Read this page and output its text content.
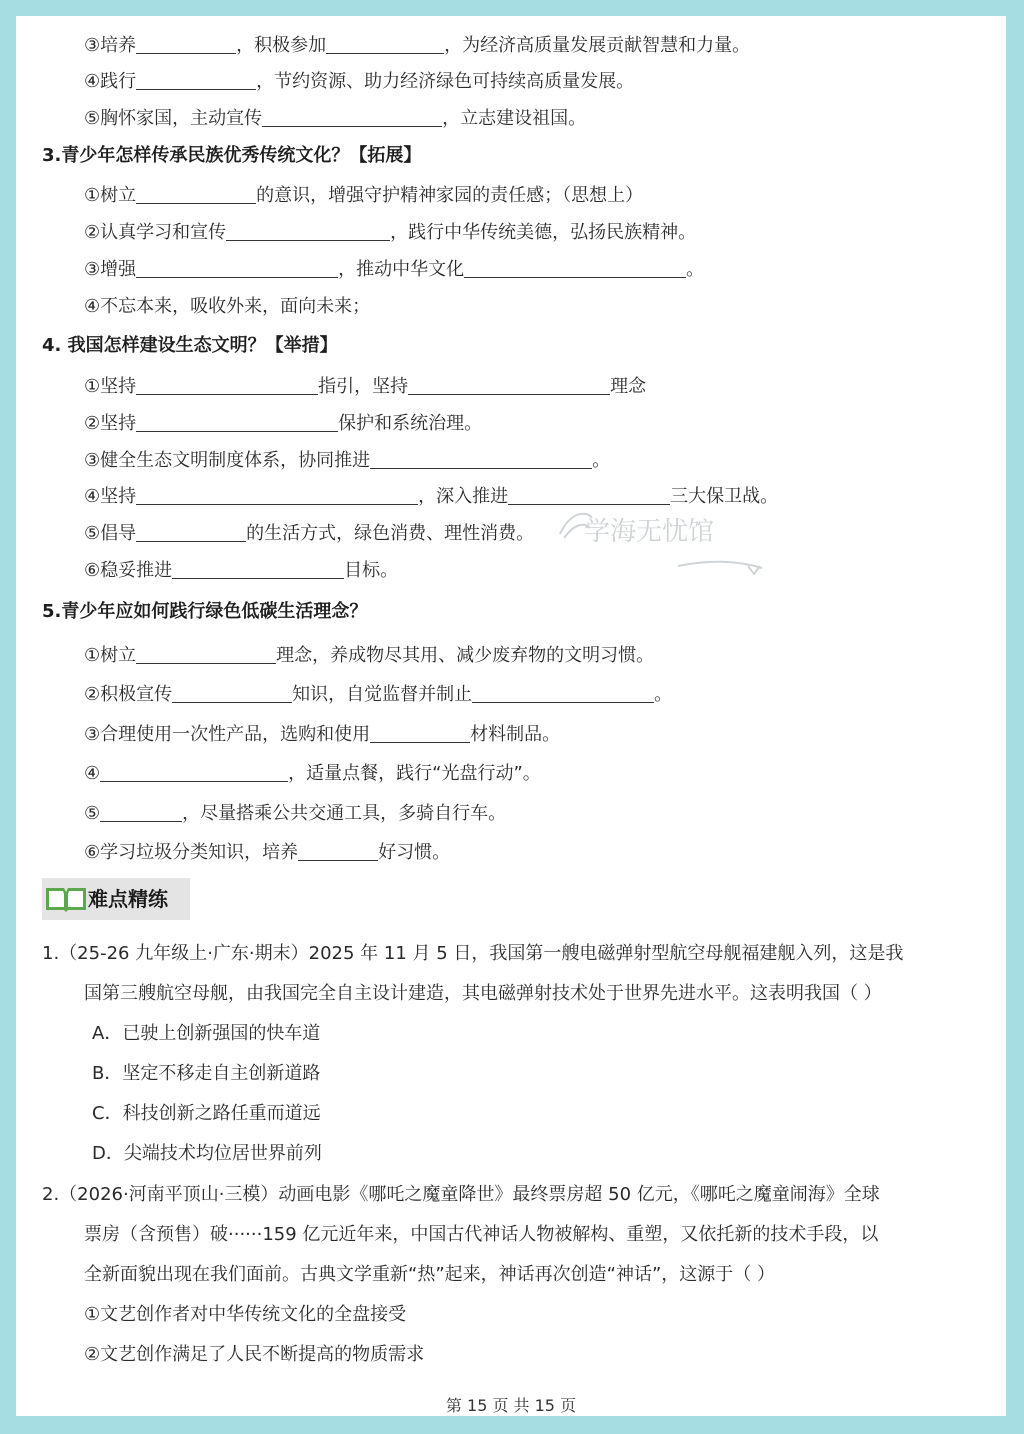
③培养	，积极参加	，为经济高质量发展贡献智慧和力量。
④践行	，节约资源、助力经济绿色可持续高质量发展。
⑤胸怀家国，主动宣传	，立志建设祖国。
3.青少年怎样传承民族优秀传统文化？【拓展】
①树立	的意识，增强守护精神家园的责任感；（思想上）
②认真学习和宣传	，践行中华传统美德，弘扬民族精神。
③增强	，推动中华文化	。
④不忘本来，吸收外来，面向未来；
4. 我国怎样建设生态文明？【举措】
①坚持	指引，坚持	理念
②坚持	保护和系统治理。
③健全生态文明制度体系，协同推进	。
④坚持	，深入推进	三大保卫战。
⑤倡导	的生活方式，绿色消费、理性消费。
⑥稳妥推进	目标。
学海无忧馆
5.青少年应如何践行绿色低碳生活理念？
①树立	理念，养成物尽其用、减少废弃物的文明习惯。
②积极宣传	知识，自觉监督并制止	。
③合理使用一次性产品，选购和使用	材料制品。
④	，适量点餐，践行“光盘行动”。
⑤	，尽量搭乘公共交通工具，多骑自行车。
⑥学习垃圾分类知识，培养	好习惯。
难点精练
1.（25-26 九年级上·广东·期末）2025 年 11 月 5 日，我国第一艘电磁弹射型航空母舰福建舰入列，这是我
国第三艘航空母舰，由我国完全自主设计建造，其电磁弹射技术处于世界先进水平。这表明我国（ ）
A．已驶上创新强国的快车道
B．坚定不移走自主创新道路
C．科技创新之路任重而道远
D．尖端技术均位居世界前列
2.（2026·河南平顶山·三模）动画电影《哪吒之魔童降世》最终票房超 50 亿元，《哪吒之魔童闹海》全球
票房（含预售）破······159 亿元近年来，中国古代神话人物被解构、重塑，又依托新的技术手段，以
全新面貌出现在我们面前。古典文学重新“热”起来，神话再次创造“神话”，这源于（ ）
①文艺创作者对中华传统文化的全盘接受
②文艺创作满足了人民不断提高的物质需求
第 15 页 共 15 页
